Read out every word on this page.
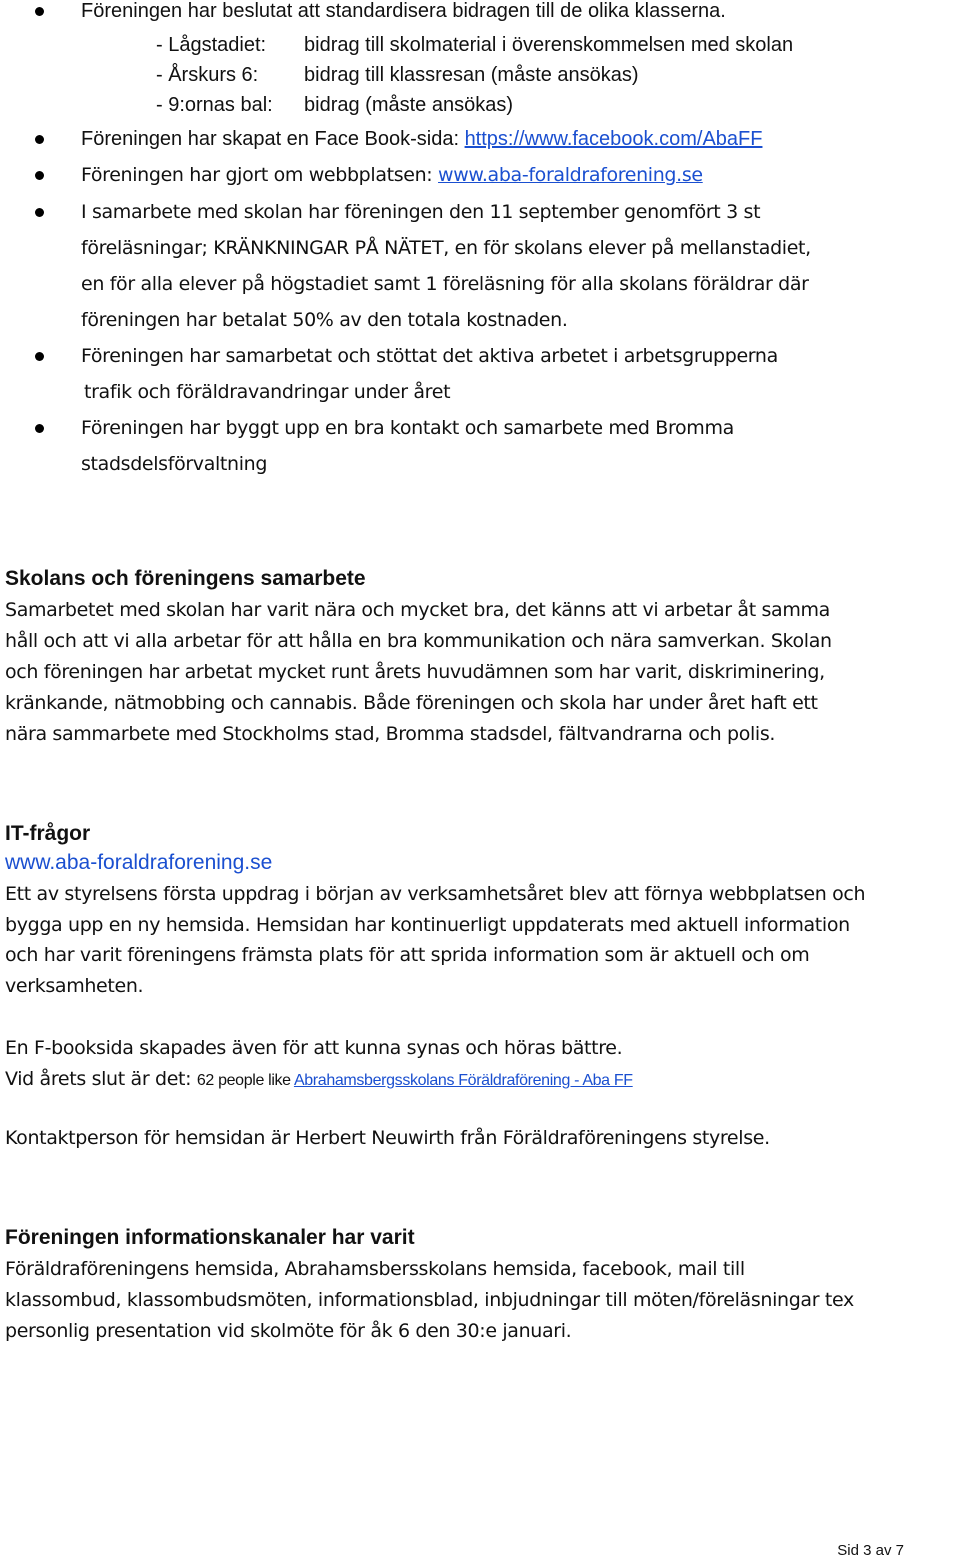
Föreningen har beslutat att standardisera bidragen till de olika klasserna.
- Lågstadiet: bidrag till skolmaterial i överenskommelsen med skolan
- Årskurs 6: bidrag till klassresan (måste ansökas)
- 9:ornas bal: bidrag (måste ansökas)
Föreningen har skapat en Face Book-sida: https://www.facebook.com/AbaFF
Föreningen har gjort om webbplatsen: www.aba-foraldraforening.se
I samarbete med skolan har föreningen den 11 september genomfört 3 st
föreläsningar; KRÄNKNINGAR PÅ NÄTET, en för skolans elever på mellanstadiet,
en för alla elever på högstadiet samt 1 föreläsning för alla skolans föräldrar där
föreningen har betalat 50% av den totala kostnaden.
Föreningen har samarbetat och stöttat det aktiva arbetet i arbetsgrupperna
trafik och föräldravandringar under året
Föreningen har byggt upp en bra kontakt och samarbete med Bromma
stadsdelsförvaltning
Skolans och föreningens samarbete
Samarbetet med skolan har varit nära och mycket bra, det känns att vi arbetar åt samma
håll och att vi alla arbetar för att hålla en bra kommunikation och nära samverkan. Skolan
och föreningen har arbetat mycket runt årets huvudämnen som har varit, diskriminering,
kränkande, nätmobbing och cannabis. Både föreningen och skola har under året haft ett
nära sammarbete med Stockholms stad, Bromma stadsdel, fältvandrarna och polis.
IT-frågor
www.aba-foraldraforening.se
Ett av styrelsens första uppdrag i början av verksamhetsåret blev att förnya webbplatsen och
bygga upp en ny hemsida. Hemsidan har kontinuerligt uppdaterats med aktuell information
och har varit föreningens främsta plats för att sprida information som är aktuell och om
verksamheten.
En F-booksida skapades även för att kunna synas och höras bättre.
Vid årets slut är det: 62 people like Abrahamsbergsskolans Föräldraförening - Aba FF
Kontaktperson för hemsidan är Herbert Neuwirth från Föräldraföreningens styrelse.
Föreningen informationskanaler har varit
Föräldraföreningens hemsida, Abrahamsbersskolans hemsida, facebook, mail till
klassombud, klassombudsmöten, informationsblad, inbjudningar till möten/föreläsningar tex
personlig presentation vid skolmöte för åk 6 den 30:e januari.
Sid 3 av 7
